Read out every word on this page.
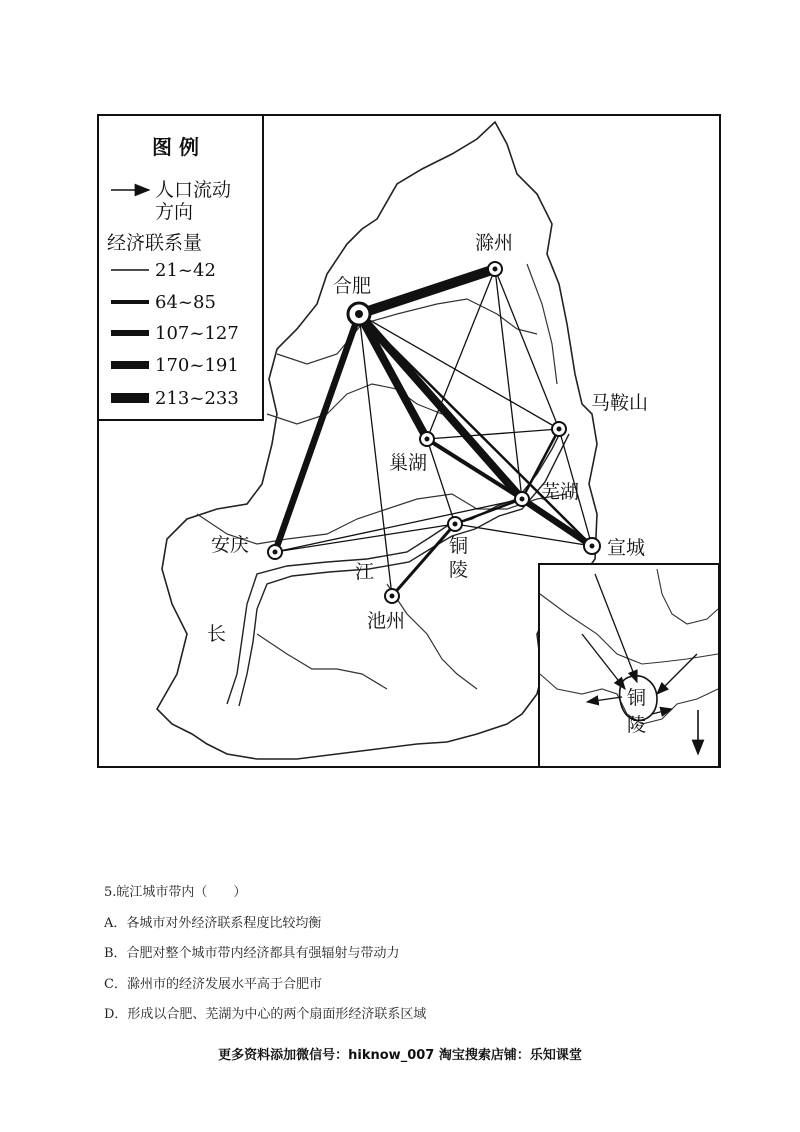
滁州
合肥
马鞍山
巢湖
芜湖
宣城
安庆
池州
铜
陵
江
长
图 例
人口流动
方向
经济联系量
21~42
64~85
107~127
170~191
213~233
铜
陵
5.皖江城市带内（　　）
A．各城市对外经济联系程度比较均衡
B．合肥对整个城市带内经济都具有强辐射与带动力
C．滁州市的经济发展水平高于合肥市
D．形成以合肥、芜湖为中心的两个扇面形经济联系区域
更多资料添加微信号：hiknow_007 淘宝搜索店铺：乐知课堂
